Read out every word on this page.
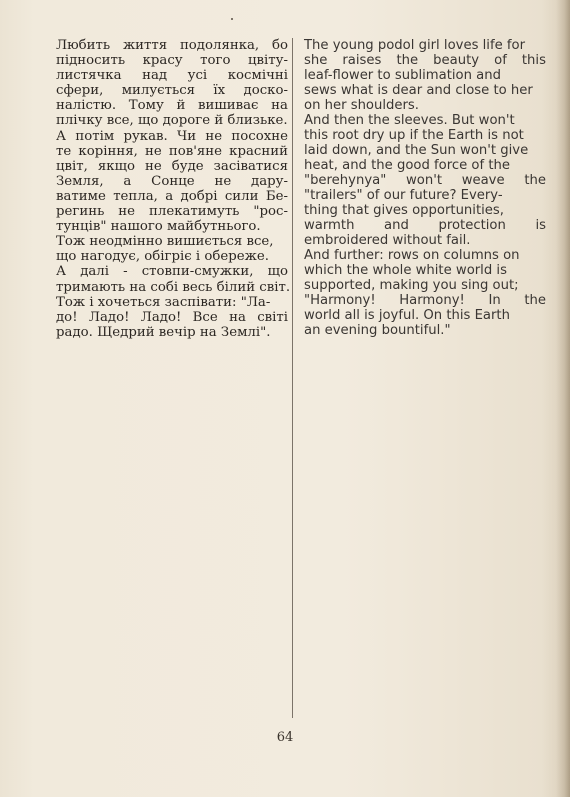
Любить життя подолянка, бо
підносить красу того цвіту-
листячка над усі космічні
сфери, милується їх доско-
налістю. Тому й вишиває на
плічку все, що дороге й близьке.
А потім рукав. Чи не посохне
те коріння, не пов'яне красний
цвіт, якщо не буде засіватися
Земля, а Сонце не дару-
ватиме тепла, а добрі сили Бе-
регинь не плекатимуть "рос-
тунців" нашого майбутнього.
Тож неодмінно вишиється все,
що нагодує, обігріє і обереже.
А далі - стовпи-смужки, що
тримають на собі весь білий світ.
Тож і хочеться заспівати: "Ла-
до! Ладо! Ладо! Все на світі
радо. Щедрий вечір на Землі".
The young podol girl loves life for
she raises the beauty of this
leaf-flower to sublimation and
sews what is dear and close to her
on her shoulders.
And then the sleeves. But won't
this root dry up if the Earth is not
laid down, and the Sun won't give
heat, and the good force of the
"berehynya" won't weave the
"trailers" of our future? Every-
thing that gives opportunities,
warmth and protection is
embroidered without fail.
And further: rows on columns on
which the whole white world is
supported, making you sing out;
"Harmony! Harmony! In the
world all is joyful. On this Earth
an evening bountiful."
64
